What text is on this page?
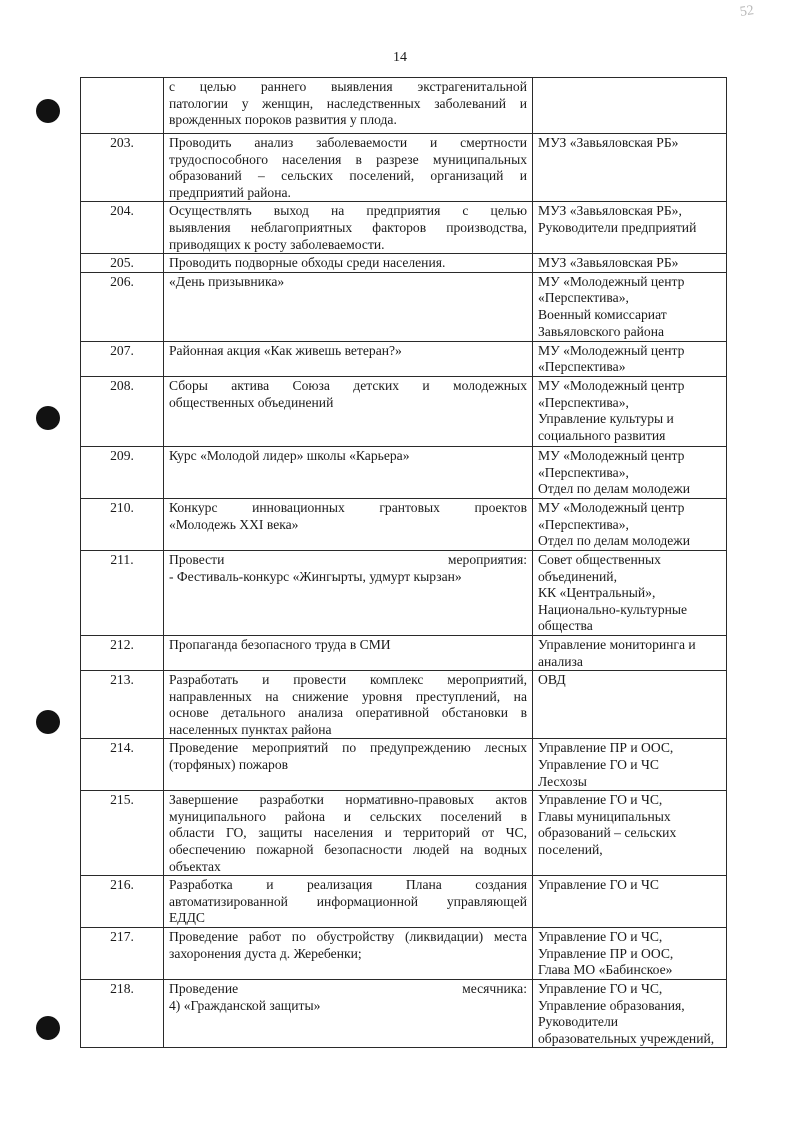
52
14

	с целью раннего выявления экстрагенитальной
патологии у женщин, наследственных заболеваний и
врожденных пороков развития у плода.	

203.	Проводить анализ заболеваемости и смертности
трудоспособного населения в разрезе муниципальных
образований – сельских поселений, организаций и
предприятий района.	МУЗ «Завьяловская РБ»

204.	Осуществлять выход на предприятия с целью
выявления неблагоприятных факторов производства,
приводящих к росту заболеваемости.	МУЗ «Завьяловская РБ»,
Руководители предприятий

205.	Проводить подворные обходы среди населения.	МУЗ «Завьяловская РБ»

206.	«День призывника»	МУ «Молодежный центр
«Перспектива»,
Военный комиссариат
Завьяловского района

207.	Районная акция «Как живешь ветеран?»	МУ «Молодежный центр
«Перспектива»

208.	Сборы актива Союза детских и молодежных
общественных объединений	МУ «Молодежный центр
«Перспектива»,
Управление культуры и
социального развития

209.	Курс «Молодой лидер» школы «Карьера»	МУ «Молодежный центр
«Перспектива»,
Отдел по делам молодежи

210.	Конкурс инновационных грантовых проектов
«Молодежь XXI века»	МУ «Молодежный центр
«Перспектива»,
Отдел по делам молодежи

211.	Провести мероприятия:
- Фестиваль-конкурс «Жингырты, удмурт кырзан»	Совет общественных
объединений,
КК «Центральный»,
Национально-культурные
общества

212.	Пропаганда безопасного труда в СМИ	Управление мониторинга и
анализа

213.	Разработать и провести комплекс мероприятий,
направленных на снижение уровня преступлений, на
основе детального анализа оперативной обстановки в
населенных пунктах района	ОВД

214.	Проведение мероприятий по предупреждению лесных
(торфяных) пожаров	Управление ПР и ООС,
Управление ГО и ЧС
Лесхозы

215.	Завершение разработки нормативно-правовых актов
муниципального района и сельских поселений в
области ГО, защиты населения и территорий от ЧС,
обеспечению пожарной безопасности людей на водных
объектах	Управление ГО и ЧС,
Главы муниципальных
образований – сельских
поселений,

216.	Разработка и реализация Плана создания
автоматизированной информационной управляющей
ЕДДС	Управление ГО и ЧС

217.	Проведение работ по обустройству (ликвидации) места
захоронения дуста д. Жеребенки;	Управление ГО и ЧС,
Управление ПР и ООС,
Глава МО «Бабинское»

218.	Проведение месячника:
4) «Гражданской защиты»	Управление ГО и ЧС,
Управление образования,
Руководители
образовательных учреждений,
